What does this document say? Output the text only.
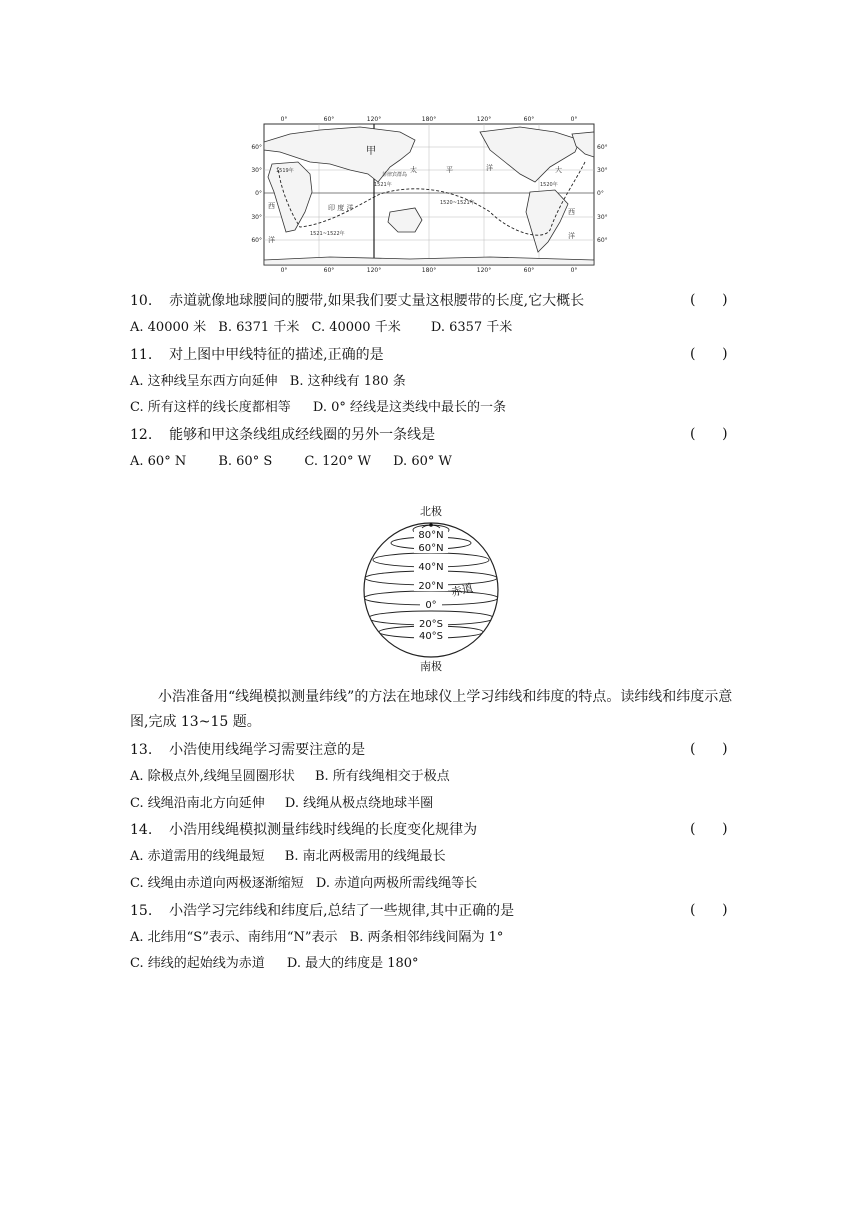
0°	60°	120°	180°	120°	60°	0°
0°	60°	120°	180°	120°	60°	0°
60°
30°
0°
30°
60°
60°
30°
0°
30°
60°
甲
太	平	洋	大
印 度 洋
西
洋
西
洋
菲律宾群岛
1521年
1520~1521年
1521~1522年
1519年
1520年
10. 赤道就像地球腰间的腰带,如果我们要丈量这根腰带的长度,它大概长	(      )
A. 40000 米 B. 6371 千米 C. 40000 千米 D. 6357 千米
11. 对上图中甲线特征的描述,正确的是	(      )
A. 这种线呈东西方向延伸 B. 这种线有 180 条
C. 所有这样的线长度都相等 D. 0° 经线是这类线中最长的一条
12. 能够和甲这条线组成经线圈的另外一条线是	(      )
A. 60° N B. 60° S C. 120° W D. 60° W
北极
80°N
60°N
40°N
20°N
0°
20°S
40°S
赤道
南极
小浩准备用“线绳模拟测量纬线”的方法在地球仪上学习纬线和纬度的特点。读纬线和纬度示意图,完成 13~15 题。
13. 小浩使用线绳学习需要注意的是	(      )
A. 除极点外,线绳呈圆圈形状 B. 所有线绳相交于极点
C. 线绳沿南北方向延伸 D. 线绳从极点绕地球半圈
14. 小浩用线绳模拟测量纬线时线绳的长度变化规律为	(      )
A. 赤道需用的线绳最短 B. 南北两极需用的线绳最长
C. 线绳由赤道向两极逐渐缩短 D. 赤道向两极所需线绳等长
15. 小浩学习完纬线和纬度后,总结了一些规律,其中正确的是	(      )
A. 北纬用“S”表示、南纬用“N”表示 B. 两条相邻纬线间隔为 1°
C. 纬线的起始线为赤道 D. 最大的纬度是 180°
